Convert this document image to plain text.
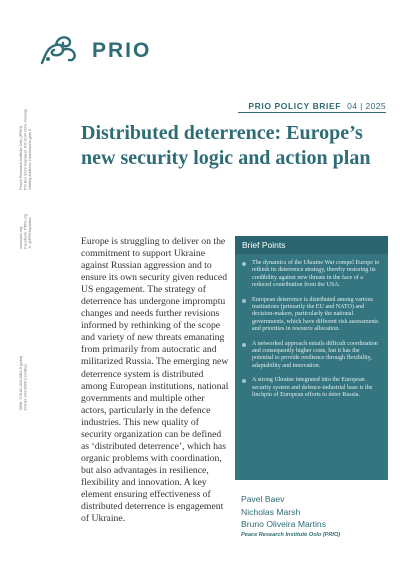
PRIO
PRIO POLICY BRIEF 04 | 2025
Distributed deterrence: Europe’s new security logic and action plan
Peace Research Institute Oslo (PRIO) PO Box 9229 Grønland, NO-0134 Oslo, Norway Visiting Address: Hausmanns gate 3
www.prio.org Facebook: PRIO.org X: @PRIOupdates
ISBN: 978-82-343-0584-5 (print) 978-82-343-0585-2 (online)

Europe is struggling to deliver on the commitment to support Ukraine against Russian aggression and to ensure its own security given reduced US engagement. The strategy of deterrence has undergone impromptu changes and needs further revisions informed by rethinking of the scope and variety of new threats emanating from primarily from autocratic and militarized Russia. The emerging new deterrence system is distributed among European institutions, national governments and multiple other actors, particularly in the defence industries. This new quality of security organization can be defined as ‘distributed deterrence’, which has organic problems with coordination, but also advantages in resilience, flexibility and innovation. A key element ensuring effectiveness of distributed deterrence is engagement of Ukraine.

Brief Points
The dynamics of the Ukraine War compel Europe to rethink its deterrence strategy, thereby restoring its credibility against new threats in the face of a reduced contribution from the USA.
European deterrence is distributed among various institutions (primarily the EU and NATO) and decision-makers, particularly the national governments, which have different risk assessments and priorities in resource allocation.
A networked approach entails difficult coordination and consequently higher costs, but it has the potential to provide resilience through flexibility, adaptability and innovation.
A strong Ukraine integrated into the European security system and defence-industrial base is the linchpin of European efforts to deter Russia.
Pavel Baev
Nicholas Marsh
Bruno Oliveira Martins
Peace Research Institute Oslo (PRIO)
